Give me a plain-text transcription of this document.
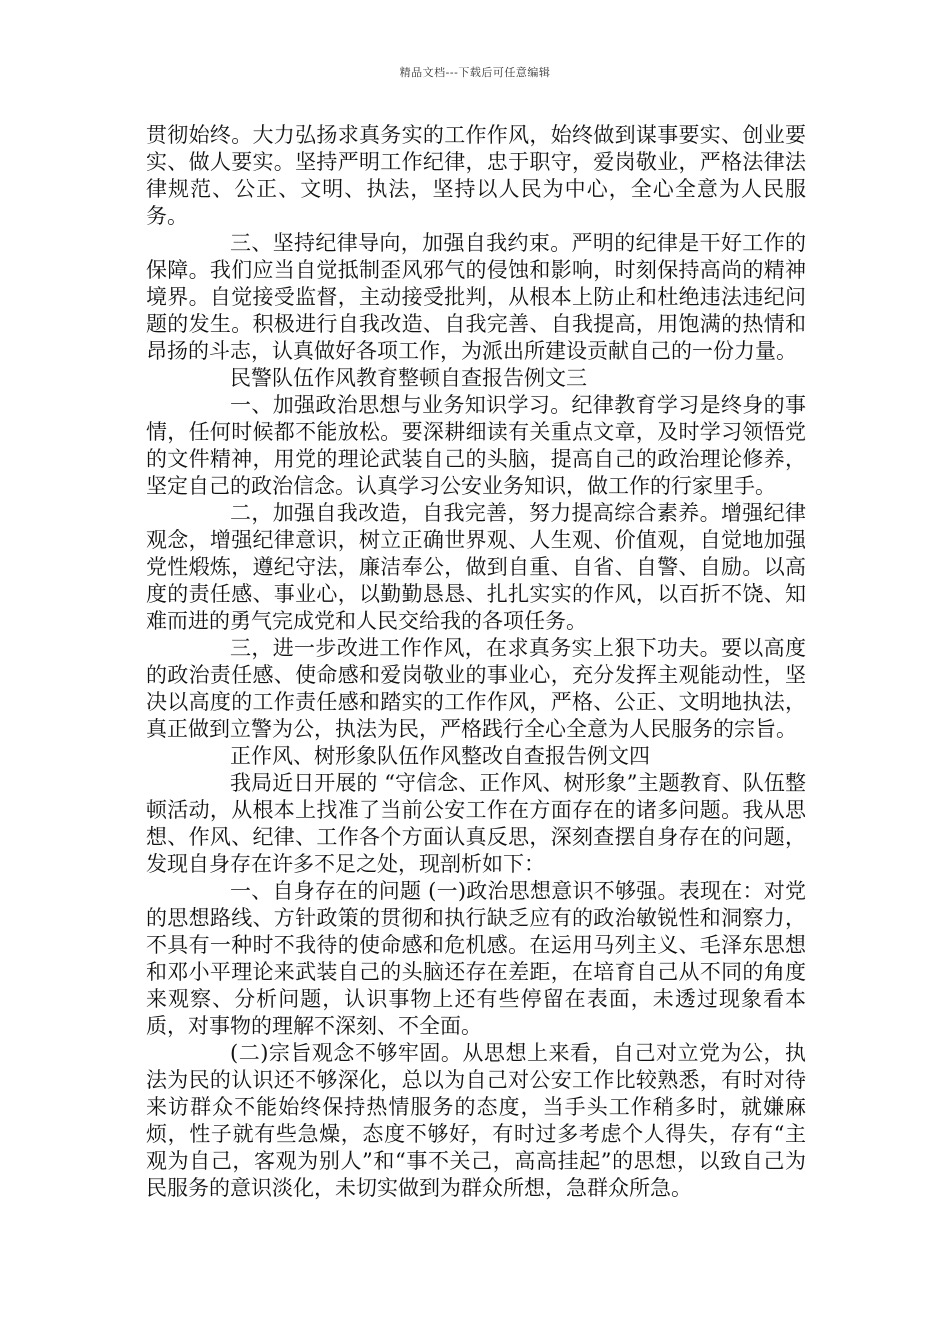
精品文档---下载后可任意编辑

贯彻始终。大力弘扬求真务实的工作作风，始终做到谋事要实、创业要实、做人要实。坚持严明工作纪律，忠于职守，爱岗敬业，严格法律法律规范、公正、文明、执法，坚持以人民为中心，全心全意为人民服务。

三、坚持纪律导向，加强自我约束。严明的纪律是干好工作的保障。我们应当自觉抵制歪风邪气的侵蚀和影响，时刻保持高尚的精神境界。自觉接受监督，主动接受批判，从根本上防止和杜绝违法违纪问题的发生。积极进行自我改造、自我完善、自我提高，用饱满的热情和昂扬的斗志，认真做好各项工作，为派出所建设贡献自己的一份力量。

民警队伍作风教育整顿自查报告例文三

一、加强政治思想与业务知识学习。纪律教育学习是终身的事情，任何时候都不能放松。要深耕细读有关重点文章，及时学习领悟党的文件精神，用党的理论武装自己的头脑，提高自己的政治理论修养，坚定自己的政治信念。认真学习公安业务知识，做工作的行家里手。

二，加强自我改造，自我完善，努力提高综合素养。增强纪律观念，增强纪律意识，树立正确世界观、人生观、价值观，自觉地加强党性煅炼，遵纪守法，廉洁奉公，做到自重、自省、自警、自励。以高度的责任感、事业心，以勤勤恳恳、扎扎实实的作风，以百折不饶、知难而进的勇气完成党和人民交给我的各项任务。

三，进一步改进工作作风，在求真务实上狠下功夫。要以高度的政治责任感、使命感和爱岗敬业的事业心，充分发挥主观能动性，坚决以高度的工作责任感和踏实的工作作风，严格、公正、文明地执法，真正做到立警为公，执法为民，严格践行全心全意为人民服务的宗旨。

正作风、树形象队伍作风整改自查报告例文四

我局近日开展的 “守信念、正作风、树形象”主题教育、队伍整顿活动，从根本上找准了当前公安工作在方面存在的诸多问题。我从思想、作风、纪律、工作各个方面认真反思，深刻查摆自身存在的问题，发现自身存在许多不足之处，现剖析如下：

一、自身存在的问题 (一)政治思想意识不够强。表现在：对党的思想路线、方针政策的贯彻和执行缺乏应有的政治敏锐性和洞察力，不具有一种时不我待的使命感和危机感。在运用马列主义、毛泽东思想和邓小平理论来武装自己的头脑还存在差距，在培育自己从不同的角度来观察、分析问题，认识事物上还有些停留在表面，未透过现象看本质，对事物的理解不深刻、不全面。

(二)宗旨观念不够牢固。从思想上来看，自己对立党为公，执法为民的认识还不够深化，总以为自己对公安工作比较熟悉，有时对待来访群众不能始终保持热情服务的态度，当手头工作稍多时，就嫌麻烦，性子就有些急燥，态度不够好，有时过多考虑个人得失，存有“主观为自己，客观为别人”和“事不关己，高高挂起”的思想，以致自己为民服务的意识淡化，未切实做到为群众所想，急群众所急。
